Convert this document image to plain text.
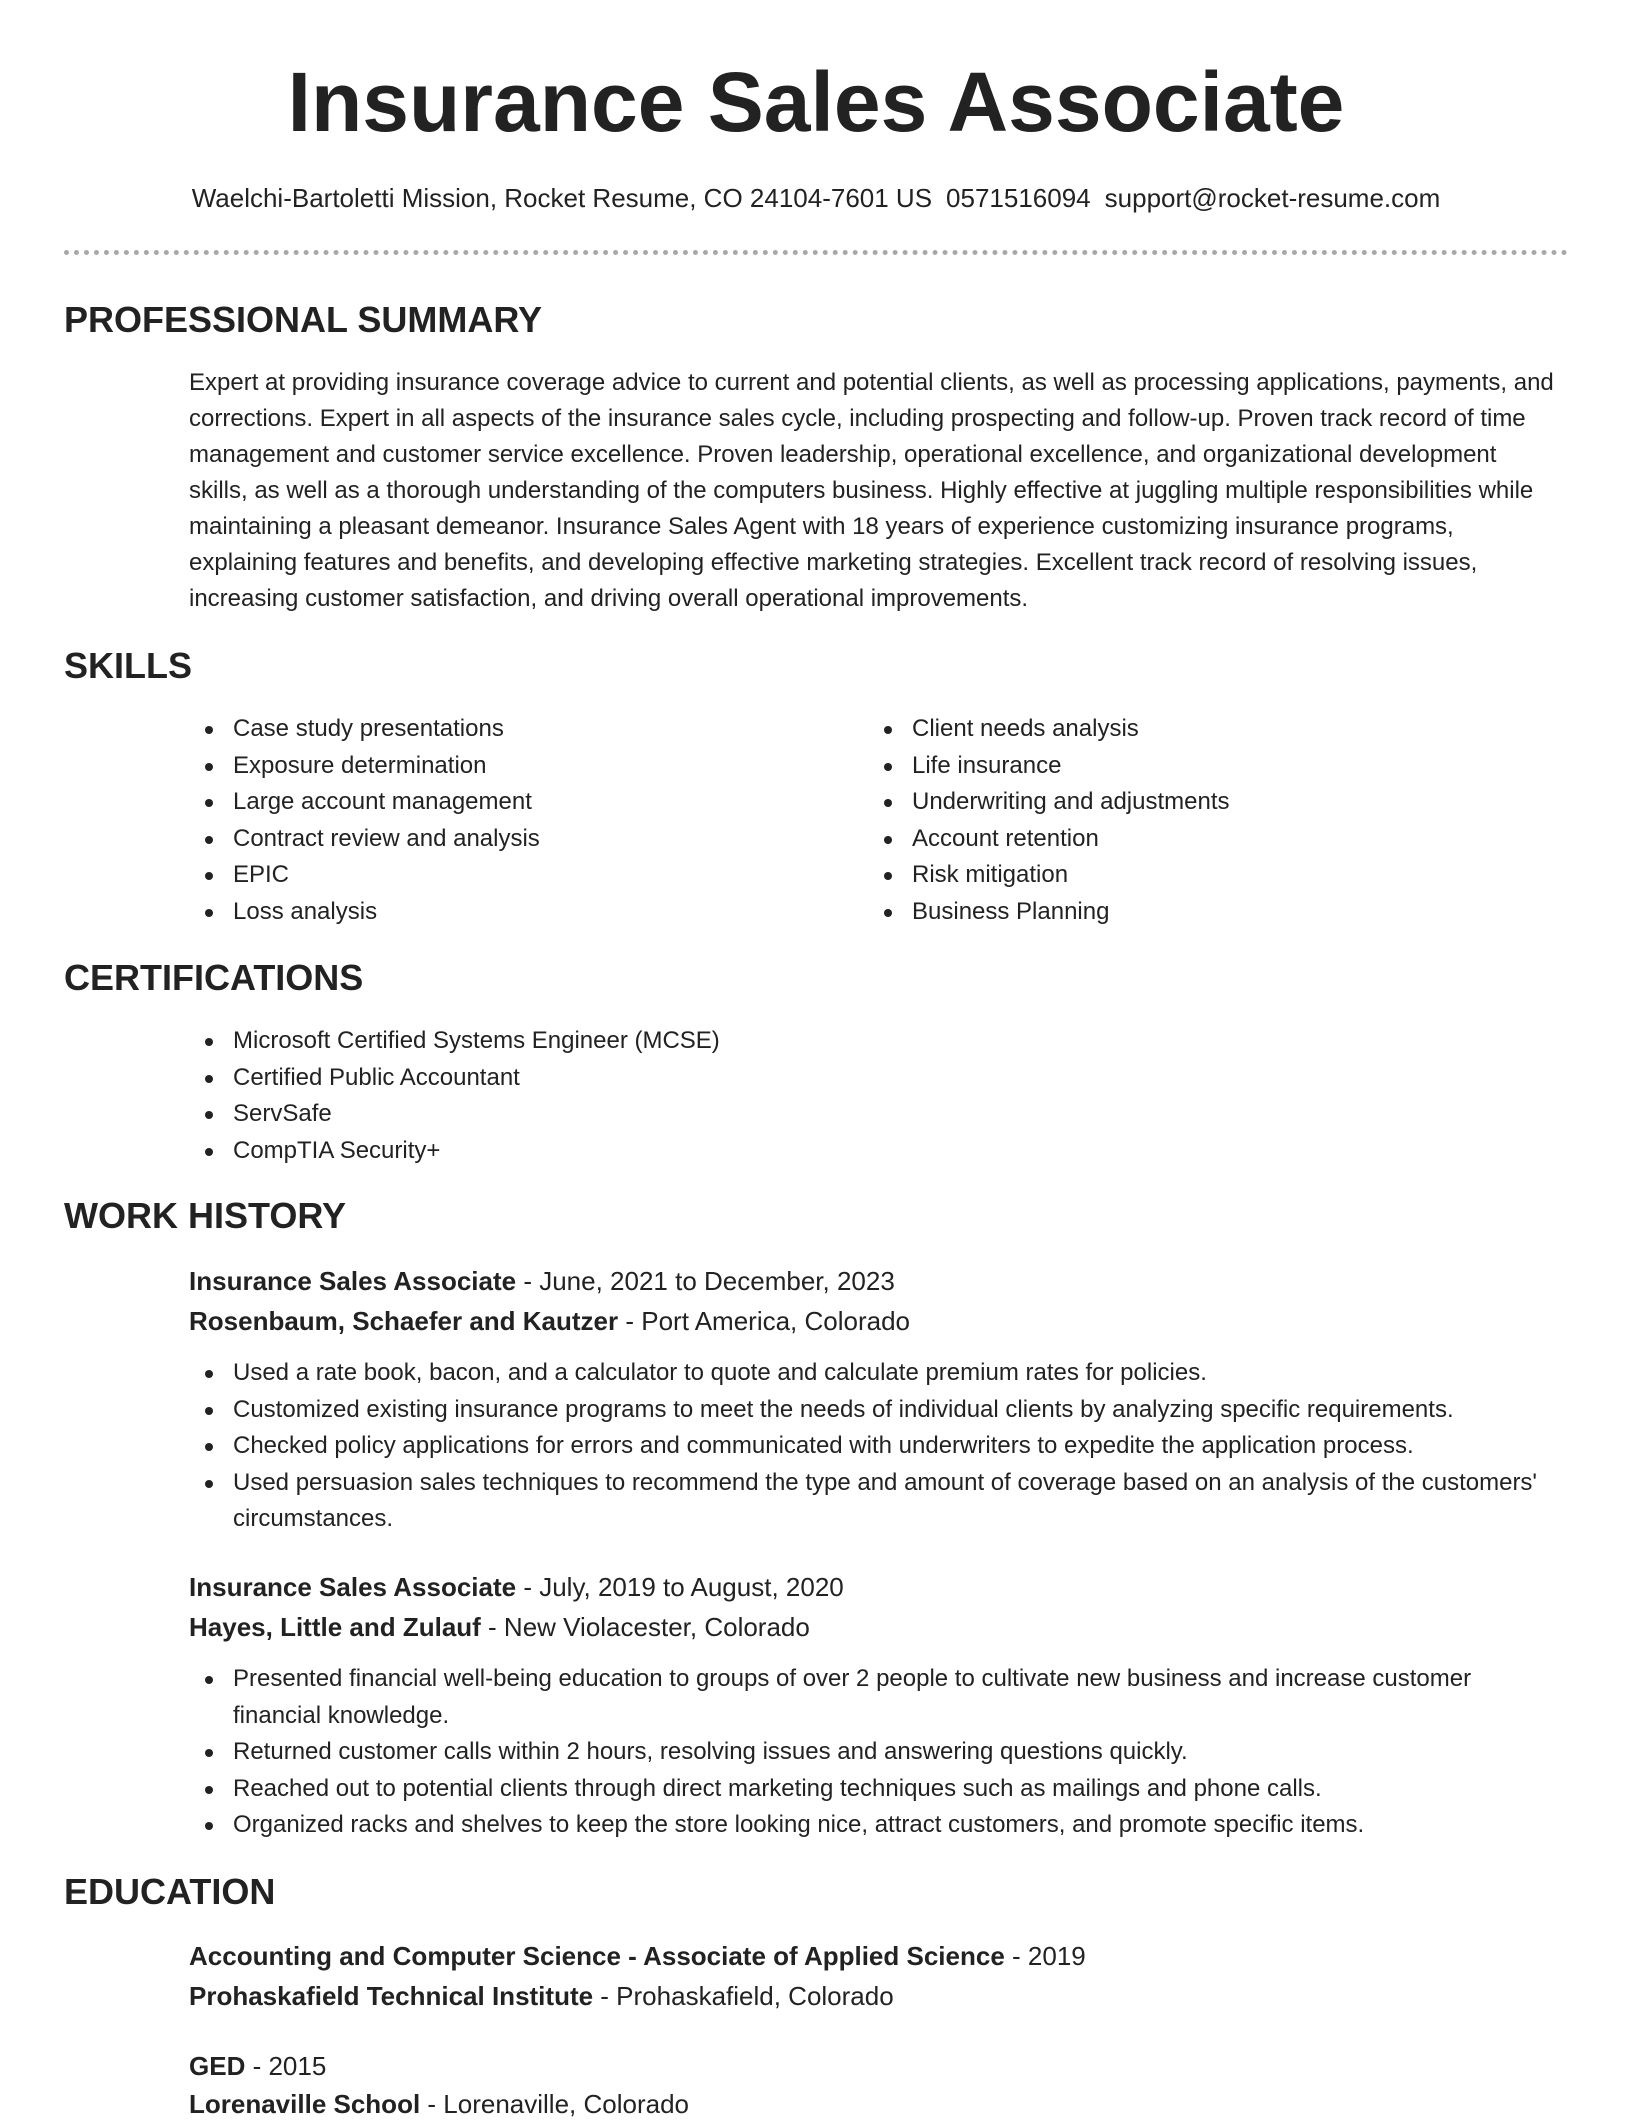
Insurance Sales Associate
Waelchi-Bartoletti Mission, Rocket Resume, CO 24104-7601 US 0571516094 support@rocket-resume.com
PROFESSIONAL SUMMARY

Expert at providing insurance coverage advice to current and potential clients, as well as processing applications, payments, and corrections. Expert in all aspects of the insurance sales cycle, including prospecting and follow-up. Proven track record of time management and customer service excellence. Proven leadership, operational excellence, and organizational development skills, as well as a thorough understanding of the computers business. Highly effective at juggling multiple responsibilities while maintaining a pleasant demeanor. Insurance Sales Agent with 18 years of experience customizing insurance programs, explaining features and benefits, and developing effective marketing strategies. Excellent track record of resolving issues, increasing customer satisfaction, and driving overall operational improvements.

SKILLS
Case study presentations
Exposure determination
Large account management
Contract review and analysis
EPIC
Loss analysis
Client needs analysis
Life insurance
Underwriting and adjustments
Account retention
Risk mitigation
Business Planning
CERTIFICATIONS
Microsoft Certified Systems Engineer (MCSE)
Certified Public Accountant
ServSafe
CompTIA Security+
WORK HISTORY
Insurance Sales Associate - June, 2021 to December, 2023
Rosenbaum, Schaefer and Kautzer - Port America, Colorado
Used a rate book, bacon, and a calculator to quote and calculate premium rates for policies.
Customized existing insurance programs to meet the needs of individual clients by analyzing specific requirements.
Checked policy applications for errors and communicated with underwriters to expedite the application process.
Used persuasion sales techniques to recommend the type and amount of coverage based on an analysis of the customers' circumstances.
Insurance Sales Associate - July, 2019 to August, 2020
Hayes, Little and Zulauf - New Violacester, Colorado
Presented financial well-being education to groups of over 2 people to cultivate new business and increase customer financial knowledge.
Returned customer calls within 2 hours, resolving issues and answering questions quickly.
Reached out to potential clients through direct marketing techniques such as mailings and phone calls.
Organized racks and shelves to keep the store looking nice, attract customers, and promote specific items.
EDUCATION
Accounting and Computer Science - Associate of Applied Science - 2019
Prohaskafield Technical Institute - Prohaskafield, Colorado
GED - 2015
Lorenaville School - Lorenaville, Colorado
